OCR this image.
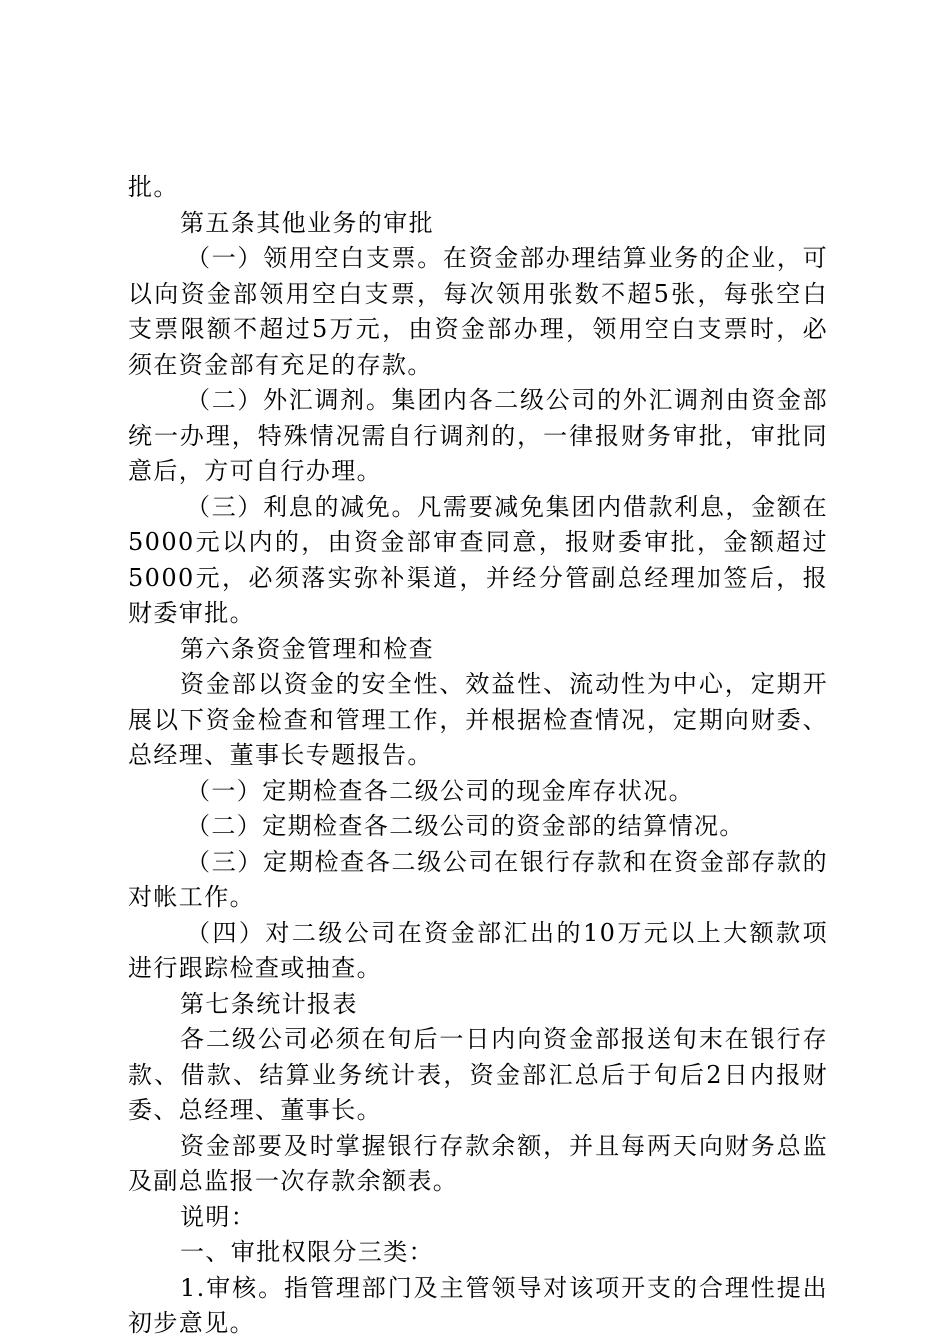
批。

第五条其他业务的审批

（一）领用空白支票。在资金部办理结算业务的企业，可以向资金部领用空白支票，每次领用张数不超5张，每张空白支票限额不超过5万元，由资金部办理，领用空白支票时，必须在资金部有充足的存款。

（二）外汇调剂。集团内各二级公司的外汇调剂由资金部统一办理，特殊情况需自行调剂的，一律报财务审批，审批同意后，方可自行办理。

（三）利息的减免。凡需要减免集团内借款利息，金额在5000元以内的，由资金部审查同意，报财委审批，金额超过5000元，必须落实弥补渠道，并经分管副总经理加签后，报财委审批。

第六条资金管理和检查

资金部以资金的安全性、效益性、流动性为中心，定期开展以下资金检查和管理工作，并根据检查情况，定期向财委、总经理、董事长专题报告。

（一）定期检查各二级公司的现金库存状况。

（二）定期检查各二级公司的资金部的结算情况。

（三）定期检查各二级公司在银行存款和在资金部存款的对帐工作。

（四）对二级公司在资金部汇出的10万元以上大额款项进行跟踪检查或抽查。

第七条统计报表

各二级公司必须在旬后一日内向资金部报送旬末在银行存款、借款、结算业务统计表，资金部汇总后于旬后2日内报财委、总经理、董事长。

资金部要及时掌握银行存款余额，并且每两天向财务总监及副总监报一次存款余额表。

说明：

一、审批权限分三类：

1.审核。指管理部门及主管领导对该项开支的合理性提出初步意见。
